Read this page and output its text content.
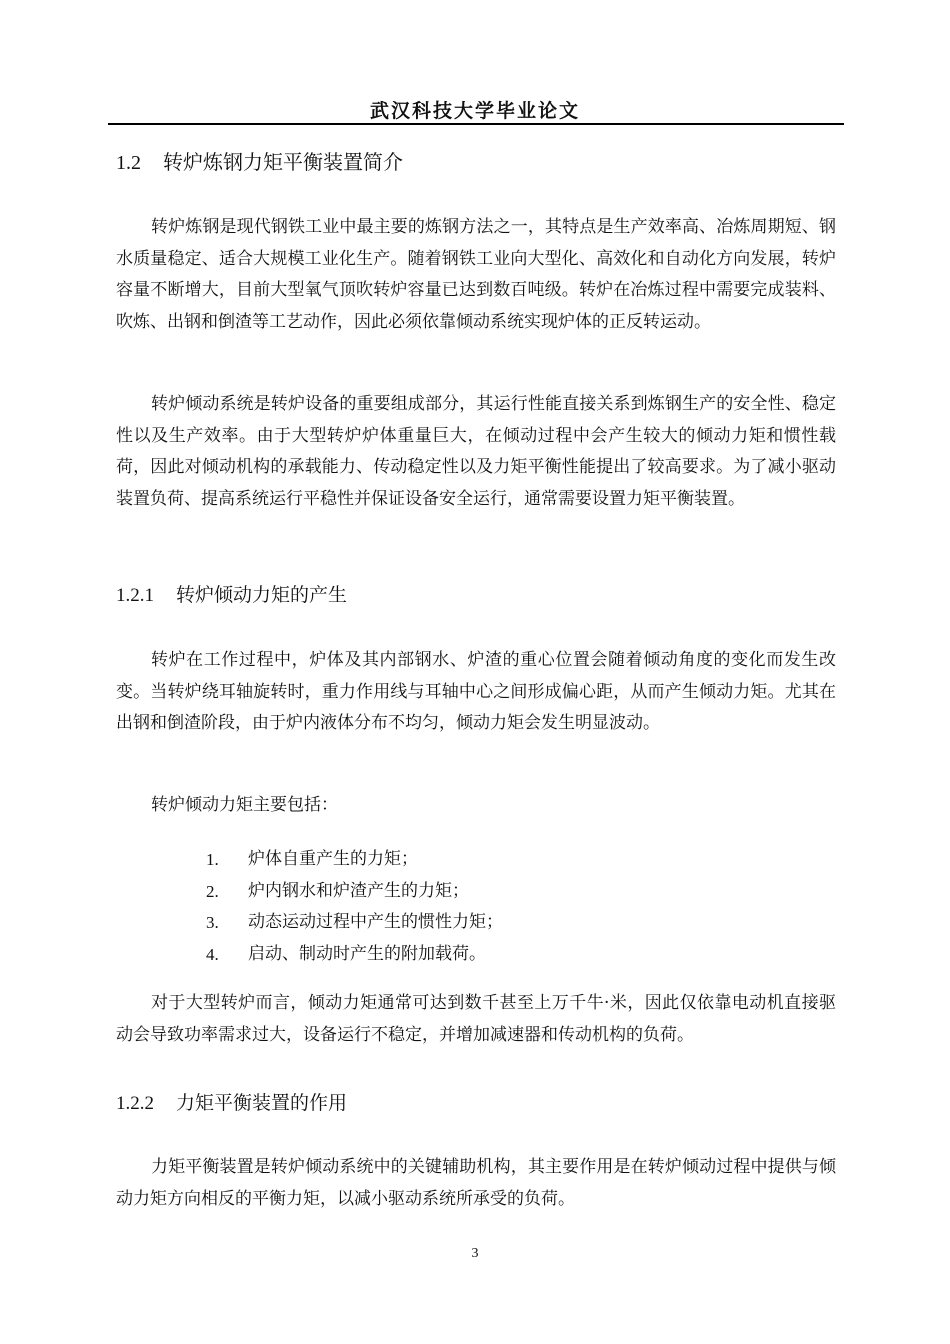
武汉科技大学毕业论文
1.2 转炉炼钢力矩平衡装置简介
转炉炼钢是现代钢铁工业中最主要的炼钢方法之一，其特点是生产效率高、冶炼周期短、钢水质量稳定、适合大规模工业化生产。随着钢铁工业向大型化、高效化和自动化方向发展，转炉容量不断增大，目前大型氧气顶吹转炉容量已达到数百吨级。转炉在冶炼过程中需要完成装料、吹炼、出钢和倒渣等工艺动作，因此必须依靠倾动系统实现炉体的正反转运动。
转炉倾动系统是转炉设备的重要组成部分，其运行性能直接关系到炼钢生产的安全性、稳定性以及生产效率。由于大型转炉炉体重量巨大，在倾动过程中会产生较大的倾动力矩和惯性载荷，因此对倾动机构的承载能力、传动稳定性以及力矩平衡性能提出了较高要求。为了减小驱动装置负荷、提高系统运行平稳性并保证设备安全运行，通常需要设置力矩平衡装置。
1.2.1 转炉倾动力矩的产生
转炉在工作过程中，炉体及其内部钢水、炉渣的重心位置会随着倾动角度的变化而发生改变。当转炉绕耳轴旋转时，重力作用线与耳轴中心之间形成偏心距，从而产生倾动力矩。尤其在出钢和倒渣阶段，由于炉内液体分布不均匀，倾动力矩会发生明显波动。
转炉倾动力矩主要包括：
1.	炉体自重产生的力矩；
2.	炉内钢水和炉渣产生的力矩；
3.	动态运动过程中产生的惯性力矩；
4.	启动、制动时产生的附加载荷。
对于大型转炉而言，倾动力矩通常可达到数千甚至上万千牛·米，因此仅依靠电动机直接驱动会导致功率需求过大，设备运行不稳定，并增加减速器和传动机构的负荷。
1.2.2 力矩平衡装置的作用
力矩平衡装置是转炉倾动系统中的关键辅助机构，其主要作用是在转炉倾动过程中提供与倾动力矩方向相反的平衡力矩，以减小驱动系统所承受的负荷。
3
